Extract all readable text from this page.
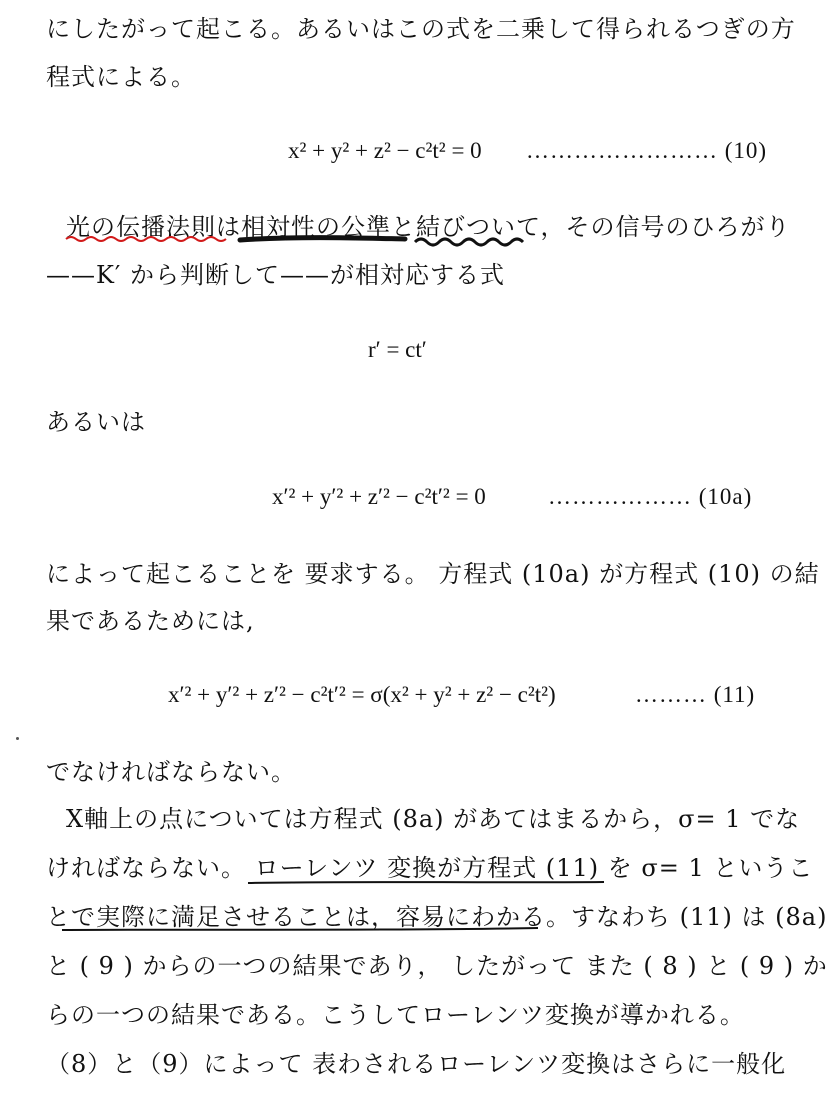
にしたがって起こる。あるいはこの式を二乗して得られるつぎの方
程式による。
x² + y² + z² − c²t² = 0 …………………… (10)
光の伝播法則は相対性の公準と結びついて，その信号のひろがり
——K′ から判断して——が相対応する式
r′ = ct′
あるいは
x′² + y′² + z′² − c²t′² = 0	……………… (10a)
によって起こることを 要求する。 方程式 (10a) が方程式 (10) の結
果であるためには,
x′² + y′² + z′² − c²t′² = σ(x² + y² + z² − c²t²)	……… (11)
でなければならない。
X軸上の点については方程式 (8a) があてはまるから，σ= 1 でな
ければならない。 ローレンツ 変換が方程式 (11) を σ= 1 というこ
とで実際に満足させることは，容易にわかる。すなわち (11) は (8a)
と ( 9 ) からの一つの結果であり， したがって また ( 8 ) と ( 9 ) か
らの一つの結果である。こうしてローレンツ変換が導かれる。
（8）と（9）によって 表わされるローレンツ変換はさらに一般化
